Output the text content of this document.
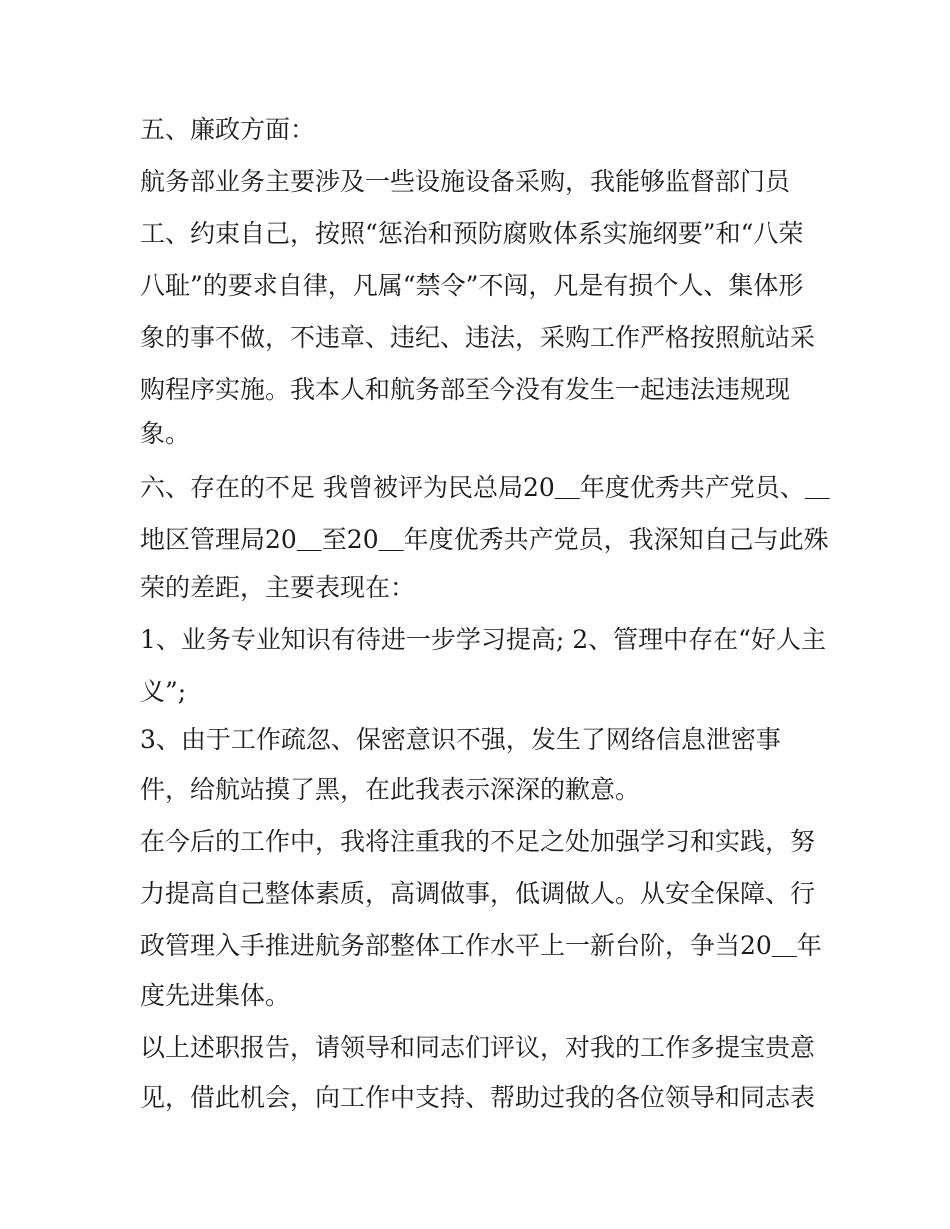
五、廉政方面：

航务部业务主要涉及一些设施设备采购，我能够监督部门员

工、约束自己，按照“惩治和预防腐败体系实施纲要”和“八荣

八耻”的要求自律，凡属“禁令”不闯，凡是有损个人、集体形

象的事不做，不违章、违纪、违法，采购工作严格按照航站采

购程序实施。我本人和航务部至今没有发生一起违法违规现

象。

六、存在的不足 我曾被评为民总局20＿年度优秀共产党员、＿

地区管理局20＿至20＿年度优秀共产党员，我深知自己与此殊

荣的差距，主要表现在：

1、业务专业知识有待进一步学习提高; 2、管理中存在“好人主

义”;

3、由于工作疏忽、保密意识不强，发生了网络信息泄密事

件，给航站摸了黑，在此我表示深深的歉意。

在今后的工作中，我将注重我的不足之处加强学习和实践，努

力提高自己整体素质，高调做事，低调做人。从安全保障、行

政管理入手推进航务部整体工作水平上一新台阶，争当20＿年

度先进集体。

以上述职报告，请领导和同志们评议，对我的工作多提宝贵意

见，借此机会，向工作中支持、帮助过我的各位领导和同志表
